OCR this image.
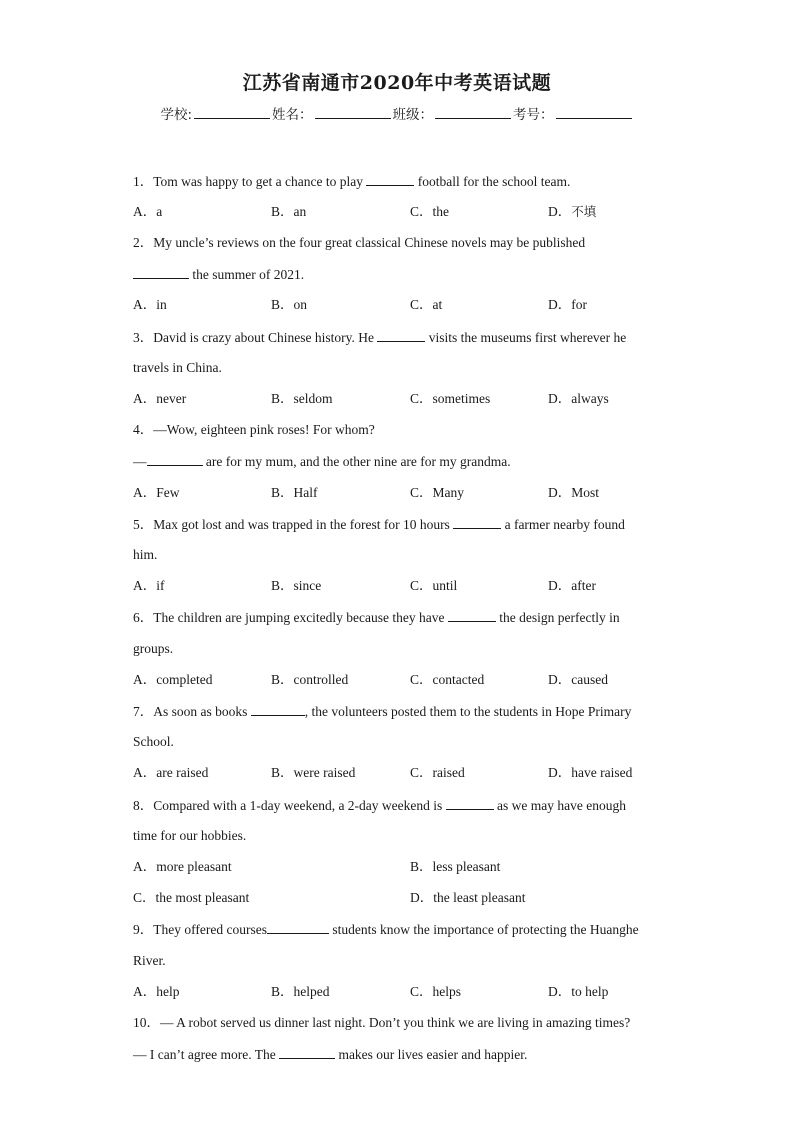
江苏省南通市2020年中考英语试题
学校:	姓名：	班级：	考号：
1．Tom was happy to get a chance to play	football for the school team.
A．a	B．an	C．the	D．不填
2．My uncle’s reviews on the four great classical Chinese novels may be published
the summer of 2021.
A．in	B．on	C．at	D．for
3．David is crazy about Chinese history. He	visits the museums first wherever he
travels in China.
A．never	B．seldom	C．sometimes	D．always
4．—Wow, eighteen pink roses! For whom?
—	are for my mum, and the other nine are for my grandma.
A．Few	B．Half	C．Many	D．Most
5．Max got lost and was trapped in the forest for 10 hours	a farmer nearby found
him.
A．if	B．since	C．until	D．after
6．The children are jumping excitedly because they have	the design perfectly in
groups.
A．completed	B．controlled	C．contacted	D．caused
7．As soon as books	, the volunteers posted them to the students in Hope Primary
School.
A．are raised	B．were raised	C．raised	D．have raised
8．Compared with a 1-day weekend, a 2-day weekend is	as we may have enough
time for our hobbies.
A．more pleasant	B．less pleasant
C．the most pleasant	D．the least pleasant
9．They offered courses	students know the importance of protecting the Huanghe
River.
A．help	B．helped	C．helps	D．to help
10．— A robot served us dinner last night. Don’t you think we are living in amazing times?
— I can’t agree more. The	makes our lives easier and happier.
